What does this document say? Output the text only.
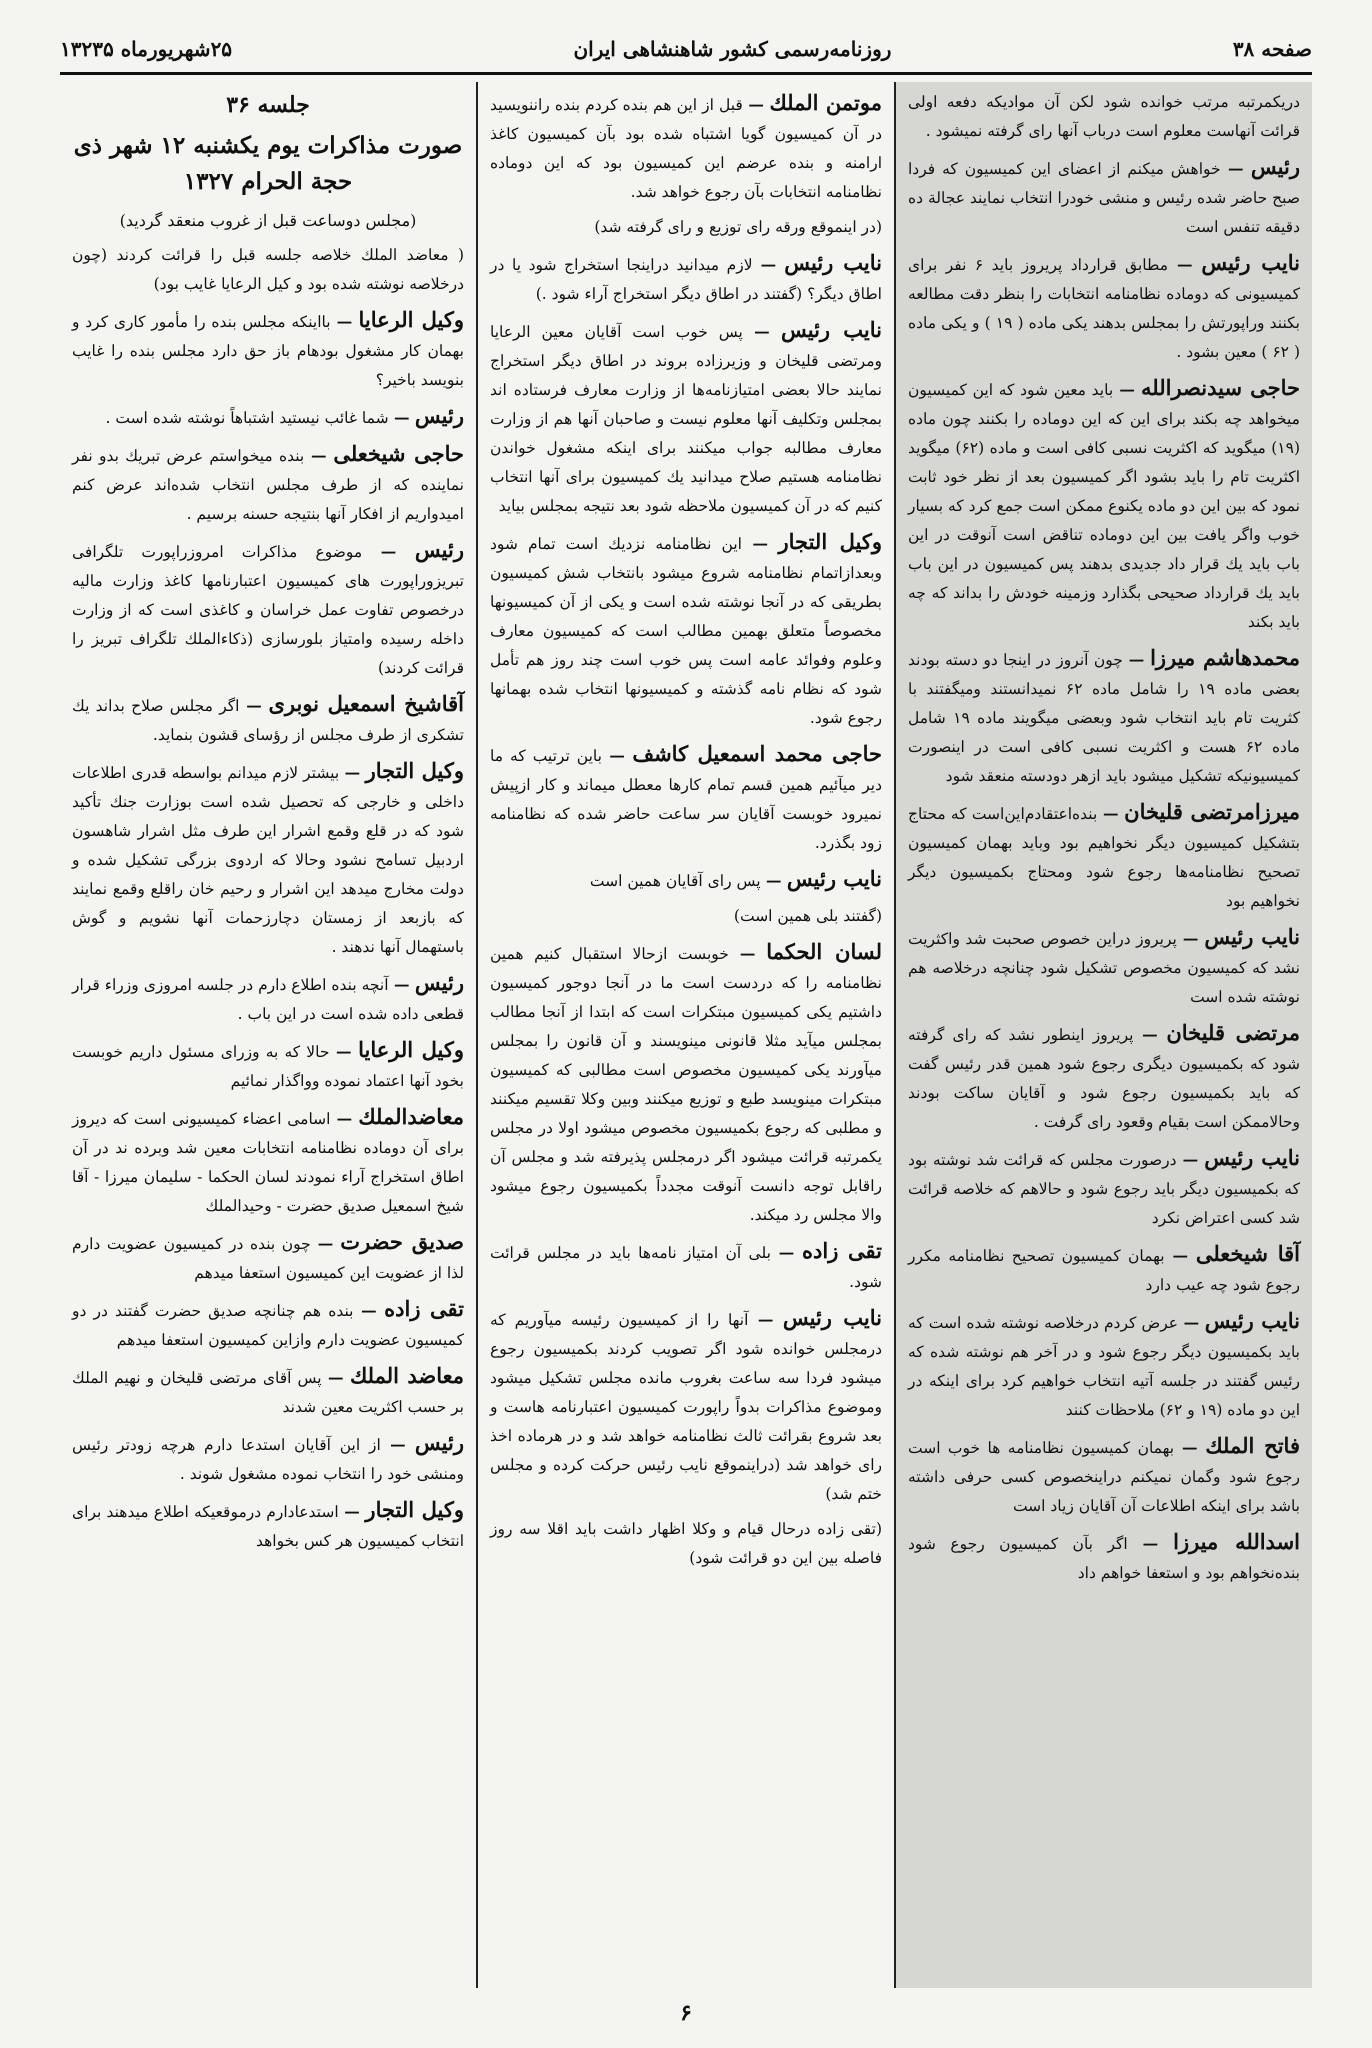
صفحه ۳۸
روزنامه‌رسمی کشور شاهنشاهی ایران
۲۵شهریورماه ۱۳۲۳۵

دریکمرتبه مرتب خوانده شود لکن آن موادیکه دفعه اولی قرائت آنهاست معلوم است درباب آنها رای گرفته نمیشود .

رئیس — خواهش میکنم از اعضای این کمیسیون که فردا صبح حاضر شده رئیس و منشی خودرا انتخاب نمایند عجالة ده دقیقه تنفس است

نایب رئیس — مطابق قرارداد پریروز باید ۶ نفر برای کمیسیونی که دوماده نظامنامه انتخابات را بنظر دقت مطالعه بکنند وراپورتش را بمجلس بدهند یکی ماده ( ۱۹ ) و یکی ماده ( ۶۲ ) معین بشود .

حاجی سیدنصرالله — باید معین شود که این کمیسیون میخواهد چه بکند برای این که این دوماده را بکنند چون ماده (۱۹) میگوید که اکثریت نسبی کافی است و ماده (۶۲) میگوید اکثریت تام را باید بشود اگر کمیسیون بعد از نظر خود ثابت نمود که بین این دو ماده یکنوع ممکن است جمع کرد که بسیار خوب واگر یافت بین این دوماده تناقض است آنوقت در این باب باید یك قرار داد جدیدی بدهند پس کمیسیون در این باب باید یك قرارداد صحیحی بگذارد وزمینه خودش را بداند که چه باید بکند

محمدهاشم میرزا — چون آنروز در اینجا دو دسته بودند بعضی ماده ۱۹ را شامل ماده ۶۲ نمیدانستند ومیگفتند با کثریت تام باید انتخاب شود وبعضی میگویند ماده ۱۹ شامل ماده ۶۲ هست و اکثریت نسبی کافی است در اینصورت کمیسیونیکه تشکیل میشود باید ازهر دودسته منعقد شود

میرزامرتضی قلیخان — بنده‌اعتقادم‌این‌است که محتاج بتشکیل کمیسیون دیگر نخواهیم بود وباید بهمان کمیسیون تصحیح نظامنامه‌ها رجوع شود ومحتاج بکمیسیون دیگر نخواهیم بود

نایب رئیس — پریروز دراین خصوص صحبت شد واکثریت نشد که کمیسیون مخصوص تشکیل شود چنانچه درخلاصه هم نوشته شده است

مرتضی قلیخان — پریروز اینطور نشد که رای گرفته شود که بکمیسیون دیگری رجوع شود همین قدر رئیس گفت که باید بکمیسیون رجوع شود و آقایان ساکت بودند وحالاممکن است بقیام وقعود رای گرفت .

نایب رئیس — درصورت مجلس که قرائت شد نوشته بود که بکمیسیون دیگر باید رجوع شود و حالاهم که خلاصه قرائت شد کسی اعتراض نکرد

آقا شیخعلی — بهمان کمیسیون تصحیح نظامنامه مکرر رجوع شود چه عیب دارد

نایب رئیس — عرض کردم درخلاصه نوشته شده است که باید بکمیسیون دیگر رجوع شود و در آخر هم نوشته شده که رئیس گفتند در جلسه آتیه انتخاب خواهیم کرد برای اینکه در این دو ماده (۱۹ و ۶۲) ملاحظات کنند

فاتح الملك — بهمان کمیسیون نظامنامه ها خوب است رجوع شود وگمان نمیکنم دراینخصوص کسی حرفی داشته باشد برای اینکه اطلاعات آن آقایان زیاد است

اسدالله میرزا — اگر بآن کمیسیون رجوع شود بنده‌نخواهم بود و استعفا خواهم داد

موتمن الملك — قبل از این هم بنده کردم بنده راننویسید در آن کمیسیون گویا اشتباه شده بود بآن کمیسیون کاغذ ارامنه و بنده عرضم این کمیسیون بود که این دوماده نظامنامه انتخابات بآن رجوع خواهد شد.

(در اینموقع ورقه رای توزیع و رای گرفته شد)

نایب رئیس — لازم میدانید دراینجا استخراج شود یا در اطاق دیگر؟ (گفتند در اطاق دیگر استخراج آراء شود .)

نایب رئیس — پس خوب است آقایان معین الرعایا ومرتضی قلیخان و وزیرزاده بروند در اطاق دیگر استخراج نمایند حالا بعضی امتیازنامه‌ها از وزارت معارف فرستاده اند بمجلس وتکلیف آنها معلوم نیست و صاحبان آنها هم از وزارت معارف مطالبه جواب میکنند برای اینکه مشغول خواندن نظامنامه هستیم صلاح میدانید یك کمیسیون برای آنها انتخاب کنیم که در آن کمیسیون ملاحظه شود بعد نتیجه بمجلس بیاید

وکیل التجار — این نظامنامه نزدیك است تمام شود وبعدازاتمام نظامنامه شروع میشود بانتخاب شش کمیسیون بطریقی که در آنجا نوشته شده است و یکی از آن کمیسیونها مخصوصاً متعلق بهمین مطالب است که کمیسیون معارف وعلوم وفوائد عامه است پس خوب است چند روز هم تأمل شود که نظام نامه گذشته و کمیسیونها انتخاب شده بهمانها رجوع شود.

حاجی محمد اسمعیل کاشف — باین ترتیب که ما دیر میآئیم همین قسم تمام کارها معطل میماند و کار ازپیش نمیرود خوبست آقایان سر ساعت حاضر شده که نظامنامه زود بگذرد.

نایب رئیس — پس رای آقایان همین است

(گفتند بلی همین است)

لسان الحکما — خوبست ازحالا استقبال کنیم همین نظامنامه را که دردست است ما در آنجا دوجور کمیسیون داشتیم یکی کمیسیون مبتکرات است که ابتدا از آنجا مطالب بمجلس میآید مثلا قانونی مینویسند و آن قانون را بمجلس میآورند یکی کمیسیون مخصوص است مطالبی که کمیسیون مبتکرات مینویسد طبع و توزیع میکنند وبین وکلا تقسیم میکنند و مطلبی که رجوع بکمیسیون مخصوص میشود اولا در مجلس یکمرتبه قرائت میشود اگر درمجلس پذیرفته شد و مجلس آن راقابل توجه دانست آنوقت مجدداً بکمیسیون رجوع میشود والا مجلس رد میکند.

تقی زاده — بلی آن امتیاز نامه‌ها باید در مجلس قرائت شود.

نایب رئیس — آنها را از کمیسیون رئیسه میآوریم که درمجلس خوانده شود اگر تصویب کردند بکمیسیون رجوع میشود فردا سه ساعت بغروب مانده مجلس تشکیل میشود وموضوع مذاکرات بدواً راپورت کمیسیون اعتبارنامه هاست و بعد شروع بقرائت ثالث نظامنامه خواهد شد و در هرماده اخذ رای خواهد شد (دراینموقع نایب رئیس حرکت کرده و مجلس ختم شد)

(تقی زاده درحال قیام و وکلا اظهار داشت باید اقلا سه روز فاصله بین این دو قرائت شود)

جلسه ۳۶

صورت مذاکرات یوم یکشنبه ۱۲ شهر ذی حجة الحرام ۱۳۲۷

(مجلس دوساعت قبل از غروب منعقد گردید)

( معاضد الملك خلاصه جلسه قبل را قرائت کردند (چون درخلاصه نوشته شده بود و کیل الرعایا غایب بود)

وکیل الرعایا — بااینکه مجلس بنده را مأمور کاری کرد و بهمان کار مشغول بودهام باز حق دارد مجلس بنده را غایب بنویسد باخیر؟

رئیس — شما غائب نیستید اشتباهاً نوشته شده است .

حاجی شیخعلی — بنده میخواستم عرض تبریك بدو نفر نماینده که از طرف مجلس انتخاب شده‌اند عرض کنم امیدواریم از افکار آنها بنتیجه حسنه برسیم .

رئیس — موضوع مذاکرات امروزراپورت تلگرافی تبریزوراپورت های کمیسیون اعتبارنامها کاغذ وزارت مالیه درخصوص تفاوت عمل خراسان و کاغذی است که از وزارت داخله رسیده وامتیاز بلورسازی (ذکاءالملك تلگراف تبریز را قرائت کردند)

آقاشیخ اسمعیل نوبری — اگر مجلس صلاح بداند یك تشکری از طرف مجلس از رؤسای قشون بنماید.

وکیل التجار — بیشتر لازم میدانم بواسطه قدری اطلاعات داخلی و خارجی که تحصیل شده است بوزارت جنك تأکید شود که در قلع وقمع اشرار این طرف مثل اشرار شاهسون اردبیل تسامح نشود وحالا که اردوی بزرگی تشکیل شده و دولت مخارج میدهد این اشرار و رحیم خان راقلع وقمع نمایند که بازبعد از زمستان دچارزحمات آنها نشویم و گوش باستهمال آنها ندهند .

رئیس — آنچه بنده اطلاع دارم در جلسه امروزی وزراء قرار قطعی داده شده است در این باب .

وکیل الرعایا — حالا که به وزرای مسئول داریم خوبست بخود آنها اعتماد نموده وواگذار نمائیم

معاضدالملك — اسامی اعضاء کمیسیونی است که دیروز برای آن دوماده نظامنامه انتخابات معین شد وبرده ند در آن اطاق استخراج آراء نمودند لسان الحکما - سلیمان میرزا - آقا شیخ اسمعیل صدیق حضرت - وحیدالملك

صدیق حضرت — چون بنده در کمیسیون عضویت دارم لذا از عضویت این کمیسیون استعفا میدهم

تقی زاده — بنده هم چنانچه صدیق حضرت گفتند در دو کمیسیون عضویت دارم وازاین کمیسیون استعفا میدهم

معاضد الملك — پس آقای مرتضی قلیخان و نهیم الملك بر حسب اکثریت معین شدند

رئیس — از این آقایان استدعا دارم هرچه زودتر رئیس ومنشی خود را انتخاب نموده مشغول شوند .

وکیل التجار — استدعادارم درموقعیکه اطلاع میدهند برای انتخاب کمیسیون هر کس بخواهد

۶
